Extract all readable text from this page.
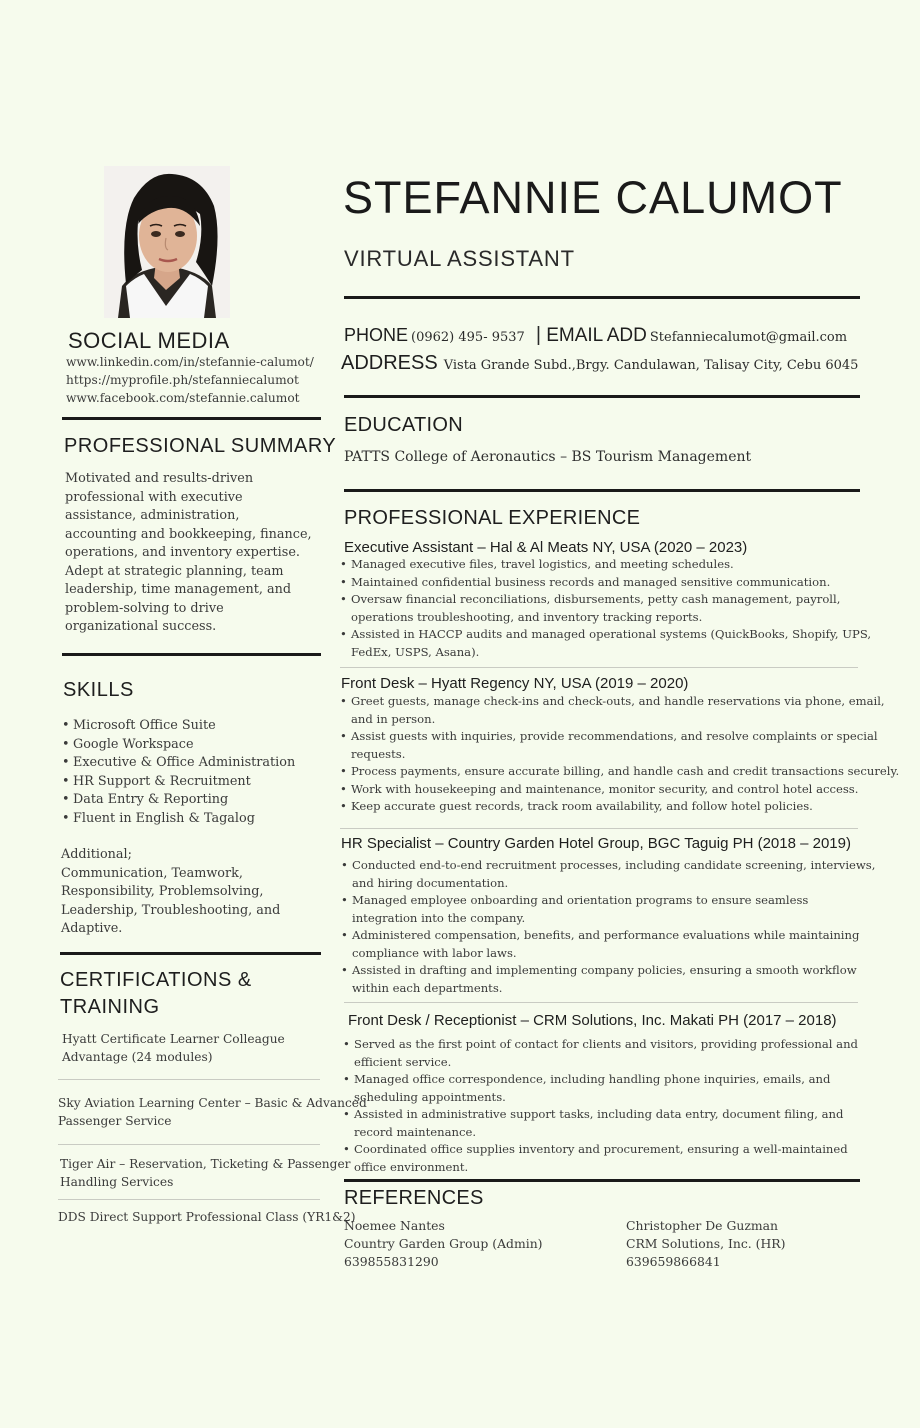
STEFANNIE CALUMOT
VIRTUAL ASSISTANT
PHONE (0962) 495- 9537 | EMAIL ADD Stefanniecalumot@gmail.com
ADDRESS Vista Grande Subd.,Brgy. Candulawan, Talisay City, Cebu 6045
SOCIAL MEDIA
www.linkedin.com/in/stefannie-calumot/
https://myprofile.ph/stefanniecalumot
www.facebook.com/stefannie.calumot
PROFESSIONAL SUMMARY
Motivated and results-driven
professional with executive
assistance, administration,
accounting and bookkeeping, finance,
operations, and inventory expertise.
Adept at strategic planning, team
leadership, time management, and
problem-solving to drive
organizational success.
SKILLS
• Microsoft Office Suite
• Google Workspace
• Executive & Office Administration
• HR Support & Recruitment
• Data Entry & Reporting
• Fluent in English & Tagalog
Additional;
Communication, Teamwork,
Responsibility, Problemsolving,
Leadership, Troubleshooting, and
Adaptive.
CERTIFICATIONS &
TRAINING
Hyatt Certificate Learner Colleague
Advantage (24 modules)
Sky Aviation Learning Center – Basic & Advanced
Passenger Service
Tiger Air – Reservation, Ticketing & Passenger
Handling Services
DDS Direct Support Professional Class (YR1&2)
EDUCATION
PATTS College of Aeronautics – BS Tourism Management
PROFESSIONAL EXPERIENCE
Executive Assistant – Hal & Al Meats NY, USA (2020 – 2023)
• Managed executive files, travel logistics, and meeting schedules.
• Maintained confidential business records and managed sensitive communication.
• Oversaw financial reconciliations, disbursements, petty cash management, payroll,
operations troubleshooting, and inventory tracking reports.
• Assisted in HACCP audits and managed operational systems (QuickBooks, Shopify, UPS,
FedEx, USPS, Asana).
Front Desk – Hyatt Regency NY, USA (2019 – 2020)
• Greet guests, manage check-ins and check-outs, and handle reservations via phone, email,
and in person.
• Assist guests with inquiries, provide recommendations, and resolve complaints or special
requests.
• Process payments, ensure accurate billing, and handle cash and credit transactions securely.
• Work with housekeeping and maintenance, monitor security, and control hotel access.
• Keep accurate guest records, track room availability, and follow hotel policies.
HR Specialist – Country Garden Hotel Group, BGC Taguig PH (2018 – 2019)
• Conducted end-to-end recruitment processes, including candidate screening, interviews,
and hiring documentation.
• Managed employee onboarding and orientation programs to ensure seamless
integration into the company.
• Administered compensation, benefits, and performance evaluations while maintaining
compliance with labor laws.
• Assisted in drafting and implementing company policies, ensuring a smooth workflow
within each departments.
Front Desk / Receptionist – CRM Solutions, Inc. Makati PH (2017 – 2018)
• Served as the first point of contact for clients and visitors, providing professional and
efficient service.
• Managed office correspondence, including handling phone inquiries, emails, and
scheduling appointments.
• Assisted in administrative support tasks, including data entry, document filing, and
record maintenance.
• Coordinated office supplies inventory and procurement, ensuring a well-maintained
office environment.
REFERENCES
Noemee Nantes
Country Garden Group (Admin)
639855831290
Christopher De Guzman
CRM Solutions, Inc. (HR)
639659866841
